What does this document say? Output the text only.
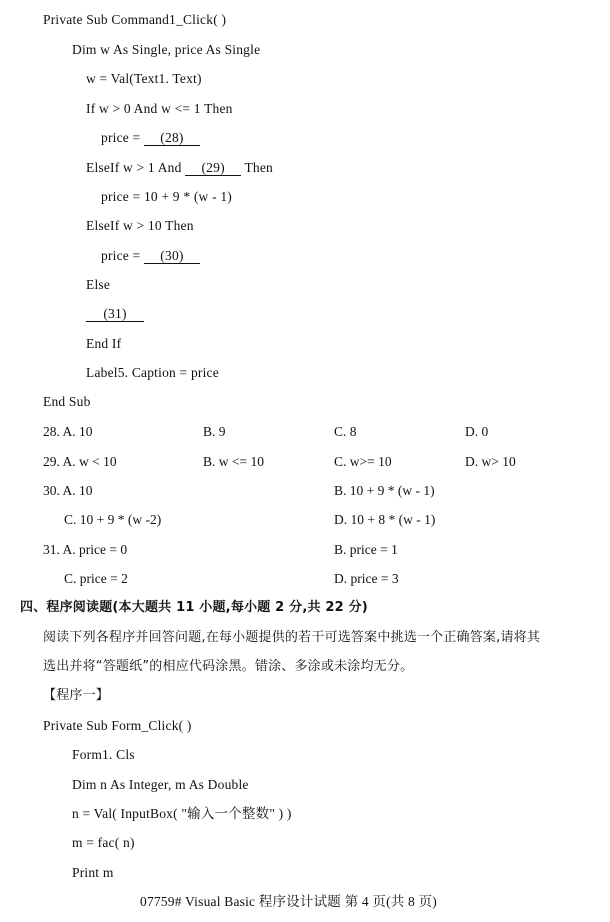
Private Sub Command1_Click( )
Dim w As Single, price As Single
w = Val(Text1. Text)
If w > 0 And w <= 1 Then
price = (28)
ElseIf w > 1 And (29) Then
price = 10 + 9 * (w - 1)
ElseIf w > 10 Then
price = (30)
Else
(31)
End If
Label5. Caption = price
End Sub
28. A. 10	B. 9	C. 8	D. 0
29. A. w < 10	B. w <= 10	C. w>= 10	D. w> 10
30. A. 10	B. 10 + 9 * (w - 1)
C. 10 + 9 * (w -2)	D. 10 + 8 * (w - 1)
31. A. price = 0	B. price = 1
C. price = 2	D. price = 3
四、程序阅读题(本大题共 11 小题,每小题 2 分,共 22 分)
阅读下列各程序并回答问题,在每小题提供的若干可选答案中挑选一个正确答案,请将其
选出并将“答题纸”的相应代码涂黑。错涂、多涂或未涂均无分。
【程序一】
Private Sub Form_Click( )
Form1. Cls
Dim n As Integer, m As Double
n = Val( InputBox( "输入一个整数" ) )
m = fac( n)
Print m
07759# Visual Basic 程序设计试题 第 4 页(共 8 页)
